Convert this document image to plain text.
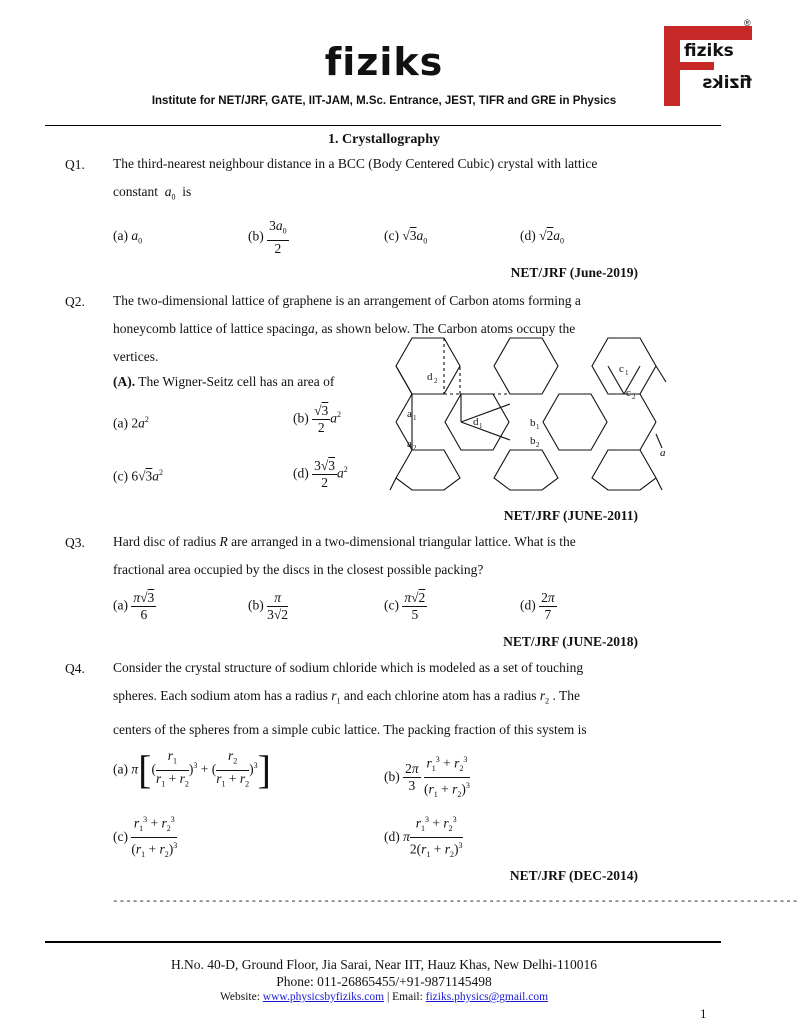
fiziks
Institute for NET/JRF, GATE, IIT-JAM, M.Sc. Entrance, JEST, TIFR and GRE in Physics
fiziks
fiziks
®
1. Crystallography
Q1. The third-nearest neighbour distance in a BCC (Body Centered Cubic) crystal with lattice
constant $a_0$ is
(a) $a_0$	$(b) \frac{3a_0}{2}$	(c) $√3a_0$	(d) $√2a_0$
NET/JRF (June-2019)
Q2. The two-dimensional lattice of graphene is an arrangement of Carbon atoms forming a
honeycomb lattice of lattice spacinga, as shown below. The Carbon atoms occupy the
vertices.
(A). The Wigner-Seitz cell has an area of
(a) $2a^2$	$(b) \frac{√3}{2} a^2$
(c) $6√3a^2$	$(d) \frac{3√3}{2} a^2$
d 2
c 1
c 2
a 1
a 2
d 1	b 1
b 2
a
NET/JRF (JUNE-2011)
Q3. Hard disc of radius R are arranged in a two-dimensional triangular lattice. What is the
fractional area occupied by the discs in the closest possible packing?
$(a) \frac{\pi√3}{6}$	$(b) \frac{\pi}{3√2}$	$(c) \frac{\pi√2}{5}$	$(d) \frac{2\pi}{7}$
NET/JRF (JUNE-2018)
Q4. Consider the crystal structure of sodium chloride which is modeled as a set of touching
spheres. Each sodium atom has a radius $r_1$ and each chlorine atom has a radius $r_2$ . The
centers of the spheres from a simple cubic lattice. The packing fraction of this system is
(a) $\pi[( \frac{r_1}{r_1 + r_2} )^3$ + ( $\frac{r_2}{r_1 + r_2} )^3$]	$(b) \frac{2\pi}{3}$
$\frac{r_1^3 + r_2^3}{(r_1 + r_2)^3}$
$(c) \frac{r_1^3 + r_2^3}{(r_1 + r_2)^3}$	(d) π $\frac{r_1^3 + r_2^3}{2(r_1 + r_2)^3}$
NET/JRF (DEC-2014)
--------------------------------------------------------------------------------------------------------
H.No. 40-D, Ground Floor, Jia Sarai, Near IIT, Hauz Khas, New Delhi-110016
Phone: 011-26865455/+91-9871145498
Website: www.physicsbyfiziks.com | Email: fiziks.physics@gmail.com
1
